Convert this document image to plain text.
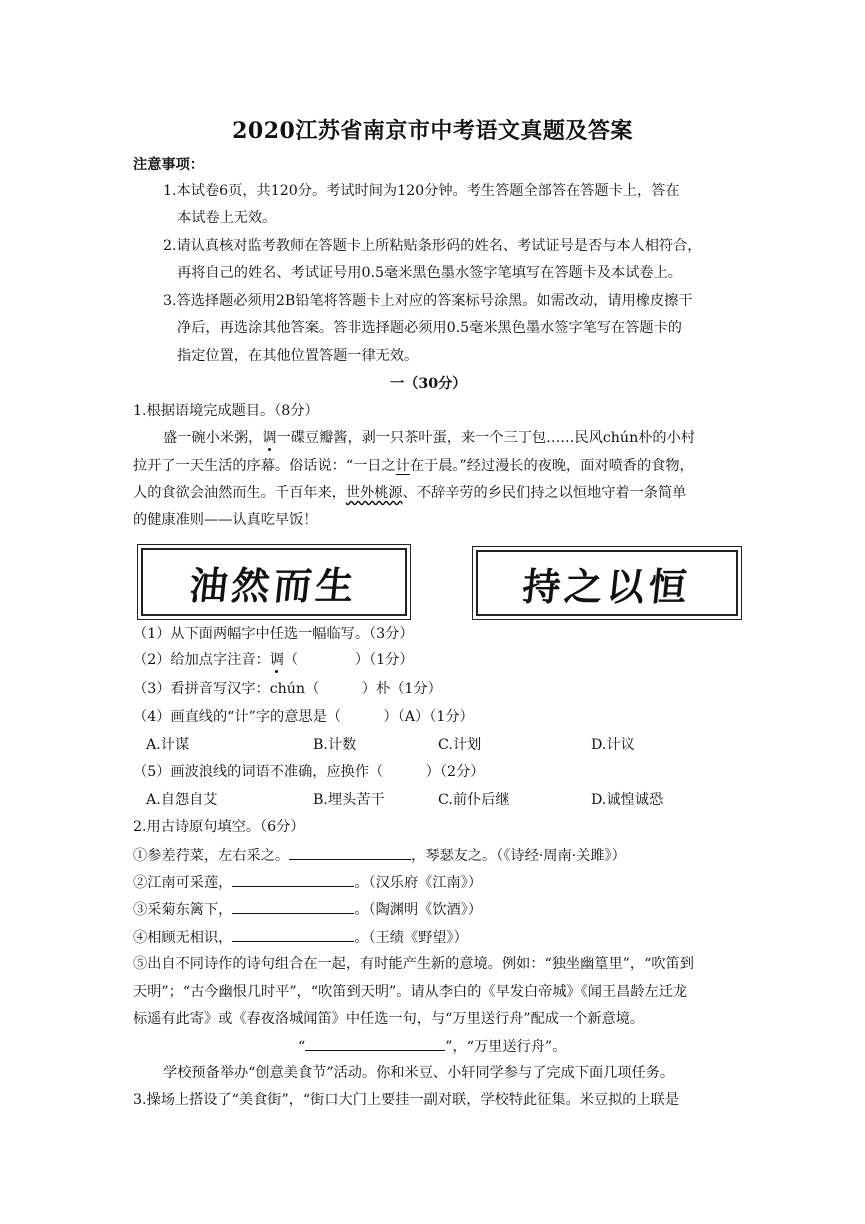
2020江苏省南京市中考语文真题及答案
注意事项：
1.本试卷6页，共120分。考试时间为120分钟。考生答题全部答在答题卡上，答在
本试卷上无效。
2.请认真核对监考教师在答题卡上所粘贴条形码的姓名、考试证号是否与本人相符合，
再将自己的姓名、考试证号用0.5毫米黑色墨水签字笔填写在答题卡及本试卷上。
3.答选择题必须用2B铅笔将答题卡上对应的答案标号涂黑。如需改动，请用橡皮擦干
净后，再选涂其他答案。答非选择题必须用0.5毫米黑色墨水签字笔写在答题卡的
指定位置，在其他位置答题一律无效。
一（30分）
1.根据语境完成题目。（8分）
盛一碗小米粥，调一碟豆瓣酱，剥一只茶叶蛋，来一个三丁包……民风chún朴的小村
拉开了一天生活的序幕。俗话说：“一日之计在于晨。”经过漫长的夜晚，面对喷香的食物，
人的食欲会油然而生。千百年来，世外桃源、不辞辛劳的乡民们持之以恒地守着一条简单
的健康准则——认真吃早饭！
油然而生	持之以恒
（1）从下面两幅字中任选一幅临写。（3分）
（2）给加点字注音：调（　　　　）（1分）
（3）看拼音写汉字：chún（　　　）朴（1分）
（4）画直线的“计”字的意思是（　　　）（A）（1分）
A.计谋	B.计数	C.计划	D.计议
（5）画波浪线的词语不准确，应换作（　　　）（2分）
A.自怨自艾	B.埋头苦干	C.前仆后继	D.诚惶诚恐
2.用古诗原句填空。（6分）
①参差荇菜，左右采之。	，琴瑟友之。（《诗经·周南·关雎》）
②江南可采莲，	。（汉乐府《江南》）
③采菊东篱下，	。（陶渊明《饮酒》）
④相顾无相识，	。（王绩《野望》）
⑤出自不同诗作的诗句组合在一起，有时能产生新的意境。例如：“独坐幽篁里”，“吹笛到
天明”；“古今幽恨几时平”，“吹笛到天明”。请从李白的《早发白帝城》《闻王昌龄左迁龙
标遥有此寄》或《春夜洛城闻笛》中任选一句，与“万里送行舟”配成一个新意境。
“	”，“万里送行舟”。
学校预备举办“创意美食节”活动。你和米豆、小轩同学参与了完成下面几项任务。
3.操场上搭设了“美食街”，“街口大门上要挂一副对联，学校特此征集。米豆拟的上联是
